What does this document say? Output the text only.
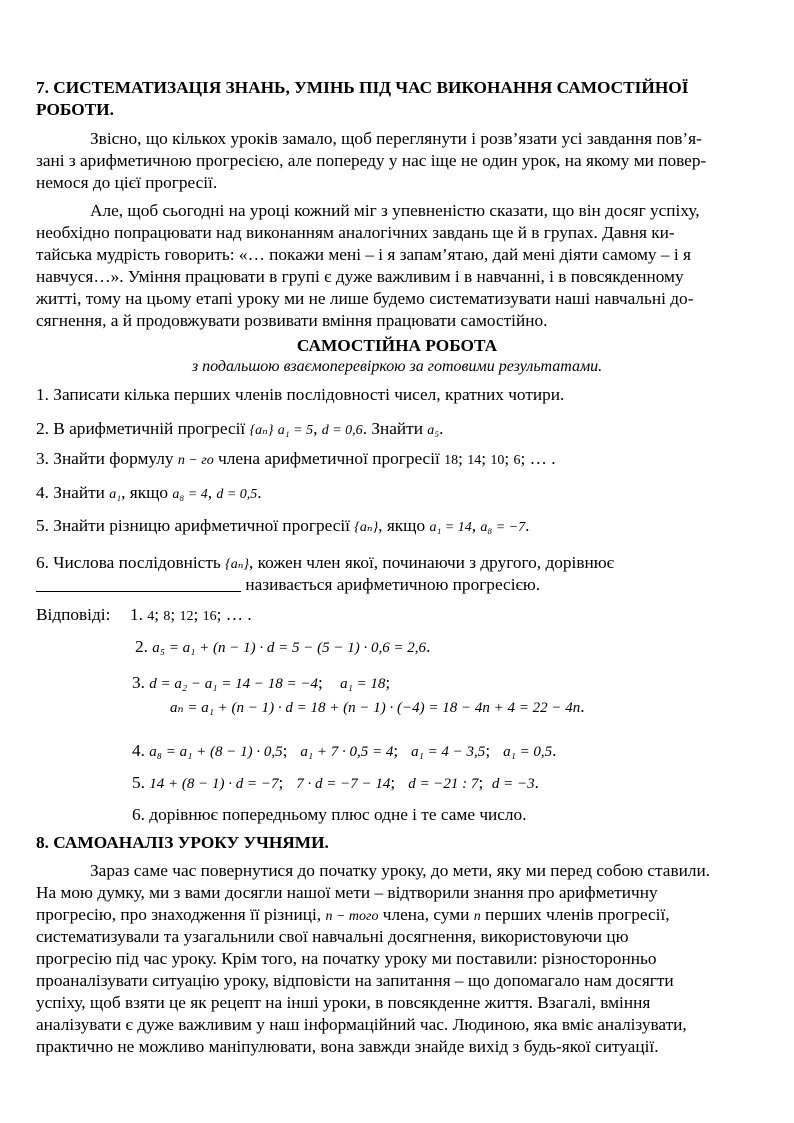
7. СИСТЕМАТИЗАЦІЯ ЗНАНЬ, УМІНЬ ПІД ЧАС ВИКОНАННЯ САМОСТІЙНОЇ
РОБОТИ.
Звісно, що кількох уроків замало, щоб переглянути і розв’язати усі завдання пов’я-
зані з арифметичною прогресією, але попереду у нас іще не один урок, на якому ми повер-
немося до цієї прогресії.
Але, щоб сьогодні на уроці кожний міг з упевненістю сказати, що він досяг успіху,
необхідно попрацювати над виконанням аналогічних завдань ще й в групах. Давня ки-
тайська мудрість говорить: «… покажи мені – і я запам’ятаю, дай мені діяти самому – і я
навчуся…». Уміння працювати в групі є дуже важливим і в навчанні, і в повсякденному
житті, тому на цьому етапі уроку ми не лише будемо систематизувати наші навчальні до-
сягнення, а й продовжувати розвивати вміння працювати самостійно.
САМОСТІЙНА РОБОТА
з подальшою взаємоперевіркою за готовими результатами.
1. Записати кілька перших членів послідовності чисел, кратних чотири.
2. В арифметичній прогресії {aₙ} a₁ = 5, d = 0,6. Знайти a₅.
3. Знайти формулу n − го члена арифметичної прогресії 18; 14; 10; 6; … .
4. Знайти a₁, якщо a₈ = 4, d = 0,5.
5. Знайти різницю арифметичної прогресії {aₙ}, якщо a₁ = 14, a₈ = −7.
6. Числова послідовність {aₙ}, кожен член якої, починаючи з другого, дорівнює
називається арифметичною прогресією.
Відповіді: 1. 4; 8; 12; 16; … .
2. a₅ = a₁ + (n − 1) · d = 5 − (5 − 1) · 0,6 = 2,6.
3. d = a₂ − a₁ = 14 − 18 = −4;    a₁ = 18;
aₙ = a₁ + (n − 1) · d = 18 + (n − 1) · (−4) = 18 − 4n + 4 = 22 − 4n.
4. a₈ = a₁ + (8 − 1) · 0,5;   a₁ + 7 · 0,5 = 4;   a₁ = 4 − 3,5;   a₁ = 0,5.
5. 14 + (8 − 1) · d = −7;   7 · d = −7 − 14;   d = −21 : 7;  d = −3.
6. дорівнює попередньому плюс одне і те саме число.
8. САМОАНАЛІЗ УРОКУ УЧНЯМИ.
Зараз саме час повернутися до початку уроку, до мети, яку ми перед собою ставили.
На мою думку, ми з вами досягли нашої мети – відтворили знання про арифметичну
прогресію, про знаходження її різниці, n − того члена, суми n перших членів прогресії,
систематизували та узагальнили свої навчальні досягнення, використовуючи цю
прогресію під час уроку. Крім того, на початку уроку ми поставили: різносторонньо
проаналізувати ситуацію уроку, відповісти на запитання – що допомагало нам досягти
успіху, щоб взяти це як рецепт на інші уроки, в повсякденне життя. Взагалі, вміння
аналізувати є дуже важливим у наш інформаційний час. Людиною, яка вміє аналізувати,
практично не можливо маніпулювати, вона завжди знайде вихід з будь-якої ситуації.
